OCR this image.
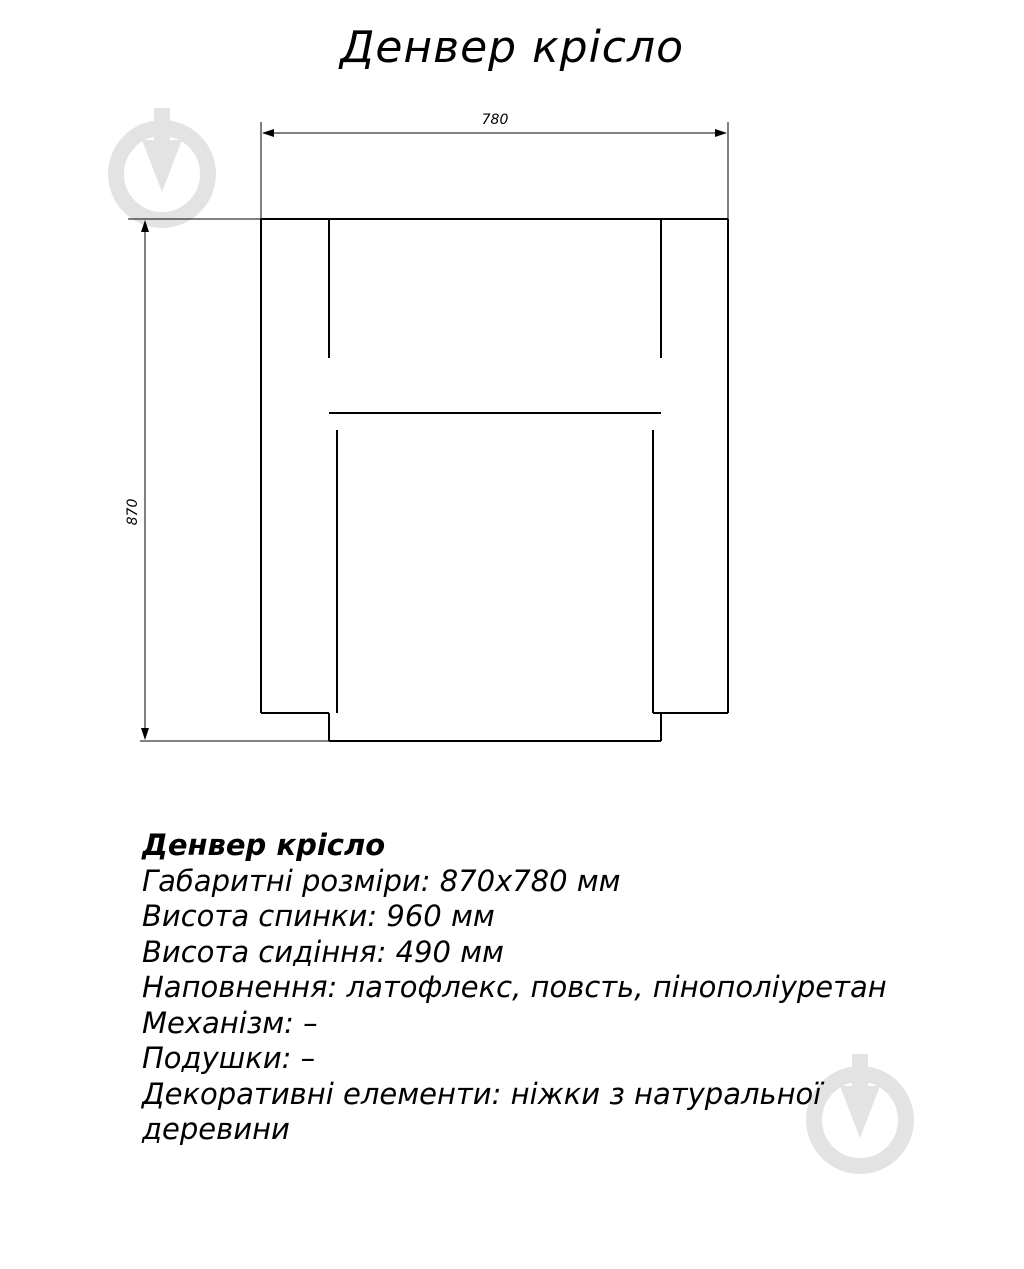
Денвер крісло
780
870
Денвер крісло
Габаритні розміри: 870х780 мм
Висота спинки: 960 мм
Висота сидіння: 490 мм
Наповнення: латофлекс, повсть, пінополіуретан
Механізм: –
Подушки: –
Декоративні елементи: ніжки з натуральної деревини
